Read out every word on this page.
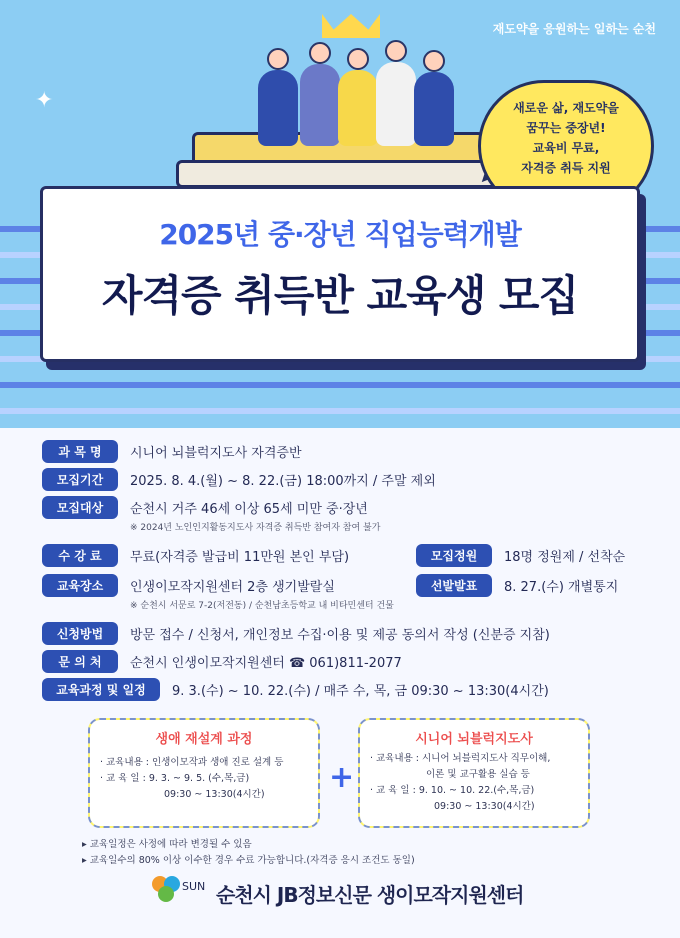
✦
재도약을 응원하는 일하는 순천
새로운 삶, 재도약을
꿈꾸는 중장년!
교육비 무료,
자격증 취득 지원
2025년 중·장년 직업능력개발
자격증 취득반 교육생 모집
과 목 명	시니어 뇌블럭지도사 자격증반
모집기간	2025. 8. 4.(월) ~ 8. 22.(금) 18:00까지 / 주말 제외
모집대상	순천시 거주 46세 이상 65세 미만 중·장년
※ 2024년 노인인지활동지도사 자격증 취득반 참여자 참여 불가
수 강 료	무료(자격증 발급비 11만원 본인 부담)	모집정원	18명 정원제 / 선착순
교육장소	인생이모작지원센터 2층 생기발랄실	선발발표	8. 27.(수) 개별통지
※ 순천시 서문로 7-2(저전동) / 순천남초등학교 내 비타민센터 건물
신청방법	방문 접수 / 신청서, 개인정보 수집·이용 및 제공 동의서 작성 (신분증 지참)
문 의 처	순천시 인생이모작지원센터 ☎ 061)811-2077
교육과정 및 일정	9. 3.(수) ~ 10. 22.(수) / 매주 수, 목, 금 09:30 ~ 13:30(4시간)
생애 재설계 과정
· 교육내용 : 인생이모작과 생애 진로 설계 등
· 교 육 일 : 9. 3. ~ 9. 5. (수,목,금)
09:30 ~ 13:30(4시간)	+
시니어 뇌블럭지도사
· 교육내용 : 시니어 뇌블럭지도사 직무이해,
이론 및 교구활용 실습 등
· 교 육 일 : 9. 10. ~ 10. 22.(수,목,금)
09:30 ~ 13:30(4시간)
▸ 교육일정은 사정에 따라 변경될 수 있음
▸ 교육일수의 80% 이상 이수한 경우 수료 가능합니다.(자격증 응시 조건도 동일)
SUN 순천시 JB정보신문 생이모작지원센터
